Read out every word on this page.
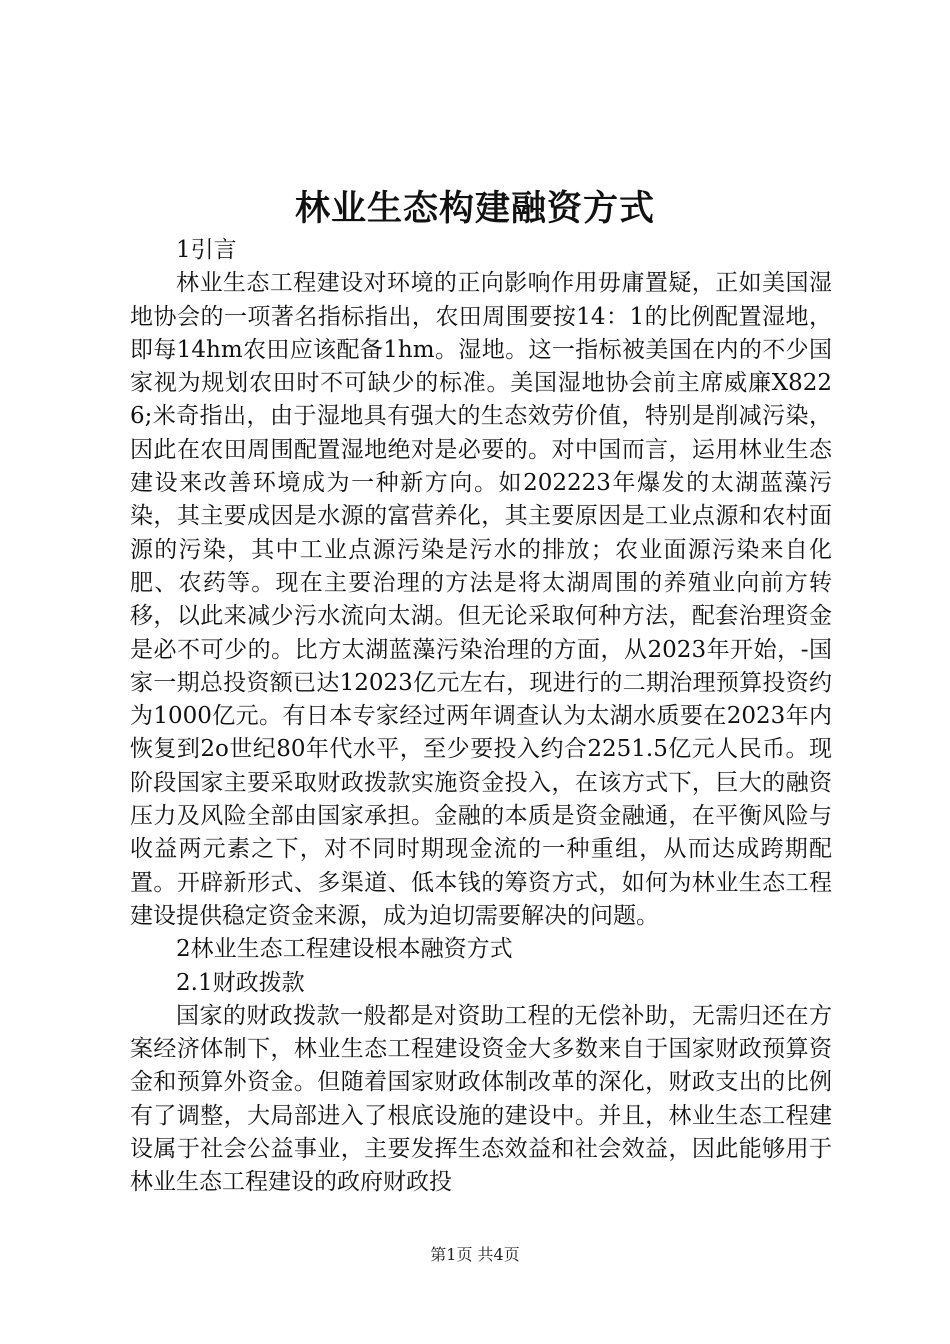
林业生态构建融资方式

1引言

林业生态工程建设对环境的正向影响作用毋庸置疑，正如美国湿地协会的一项著名指标指出，农田周围要按14：1的比例配置湿地，即每14hm农田应该配备1hm。湿地。这一指标被美国在内的不少国家视为规划农田时不可缺少的标准。美国湿地协会前主席威廉X8226;米奇指出，由于湿地具有强大的生态效劳价值，特别是削减污染，因此在农田周围配置湿地绝对是必要的。对中国而言，运用林业生态建设来改善环境成为一种新方向。如202223年爆发的太湖蓝藻污染，其主要成因是水源的富营养化，其主要原因是工业点源和农村面源的污染，其中工业点源污染是污水的排放；农业面源污染来自化肥、农药等。现在主要治理的方法是将太湖周围的养殖业向前方转移，以此来减少污水流向太湖。但无论采取何种方法，配套治理资金是必不可少的。比方太湖蓝藻污染治理的方面，从2023年开始，-国家一期总投资额已达12023亿元左右，现进行的二期治理预算投资约为1000亿元。有日本专家经过两年调查认为太湖水质要在2023年内恢复到2o世纪80年代水平，至少要投入约合2251.5亿元人民币。现阶段国家主要采取财政拨款实施资金投入，在该方式下，巨大的融资压力及风险全部由国家承担。金融的本质是资金融通，在平衡风险与收益两元素之下，对不同时期现金流的一种重组，从而达成跨期配置。开辟新形式、多渠道、低本钱的筹资方式，如何为林业生态工程建设提供稳定资金来源，成为迫切需要解决的问题。

2林业生态工程建设根本融资方式

2.1财政拨款

国家的财政拨款一般都是对资助工程的无偿补助，无需归还在方案经济体制下，林业生态工程建设资金大多数来自于国家财政预算资金和预算外资金。但随着国家财政体制改革的深化，财政支出的比例有了调整，大局部进入了根底设施的建设中。并且，林业生态工程建设属于社会公益事业，主要发挥生态效益和社会效益，因此能够用于林业生态工程建设的政府财政投

第1页 共4页
